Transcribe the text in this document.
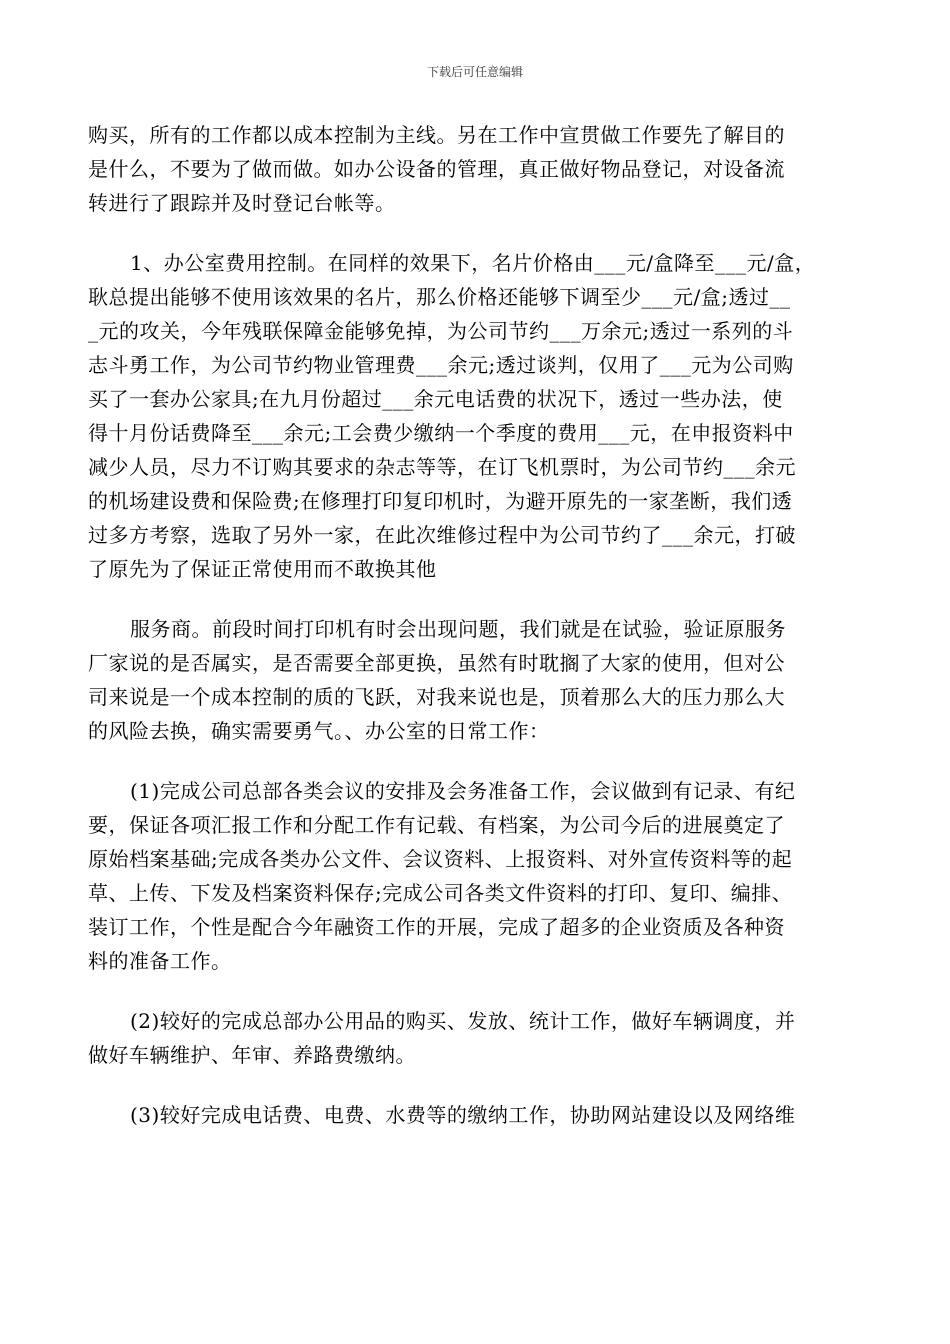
下载后可任意编辑

购买，所有的工作都以成本控制为主线。另在工作中宣贯做工作要先了解目的
是什么，不要为了做而做。如办公设备的管理，真正做好物品登记，对设备流
转进行了跟踪并及时登记台帐等。

1、办公室费用控制。在同样的效果下，名片价格由___元/盒降至___元/盒，
耿总提出能够不使用该效果的名片，那么价格还能够下调至少___元/盒;透过__
_元的攻关，今年残联保障金能够免掉，为公司节约___万余元;透过一系列的斗
志斗勇工作，为公司节约物业管理费___余元;透过谈判，仅用了___元为公司购
买了一套办公家具;在九月份超过___余元电话费的状况下，透过一些办法，使
得十月份话费降至___余元;工会费少缴纳一个季度的费用___元，在申报资料中
减少人员，尽力不订购其要求的杂志等等，在订飞机票时，为公司节约___余元
的机场建设费和保险费;在修理打印复印机时，为避开原先的一家垄断，我们透
过多方考察，选取了另外一家，在此次维修过程中为公司节约了___余元，打破
了原先为了保证正常使用而不敢换其他

服务商。前段时间打印机有时会出现问题，我们就是在试验，验证原服务
厂家说的是否属实，是否需要全部更换，虽然有时耽搁了大家的使用，但对公
司来说是一个成本控制的质的飞跃，对我来说也是，顶着那么大的压力那么大
的风险去换，确实需要勇气。、办公室的日常工作：

(1)完成公司总部各类会议的安排及会务准备工作，会议做到有记录、有纪
要，保证各项汇报工作和分配工作有记载、有档案，为公司今后的进展奠定了
原始档案基础;完成各类办公文件、会议资料、上报资料、对外宣传资料等的起
草、上传、下发及档案资料保存;完成公司各类文件资料的打印、复印、编排、
装订工作，个性是配合今年融资工作的开展，完成了超多的企业资质及各种资
料的准备工作。

(2)较好的完成总部办公用品的购买、发放、统计工作，做好车辆调度，并
做好车辆维护、年审、养路费缴纳。

(3)较好完成电话费、电费、水费等的缴纳工作，协助网站建设以及网络维
